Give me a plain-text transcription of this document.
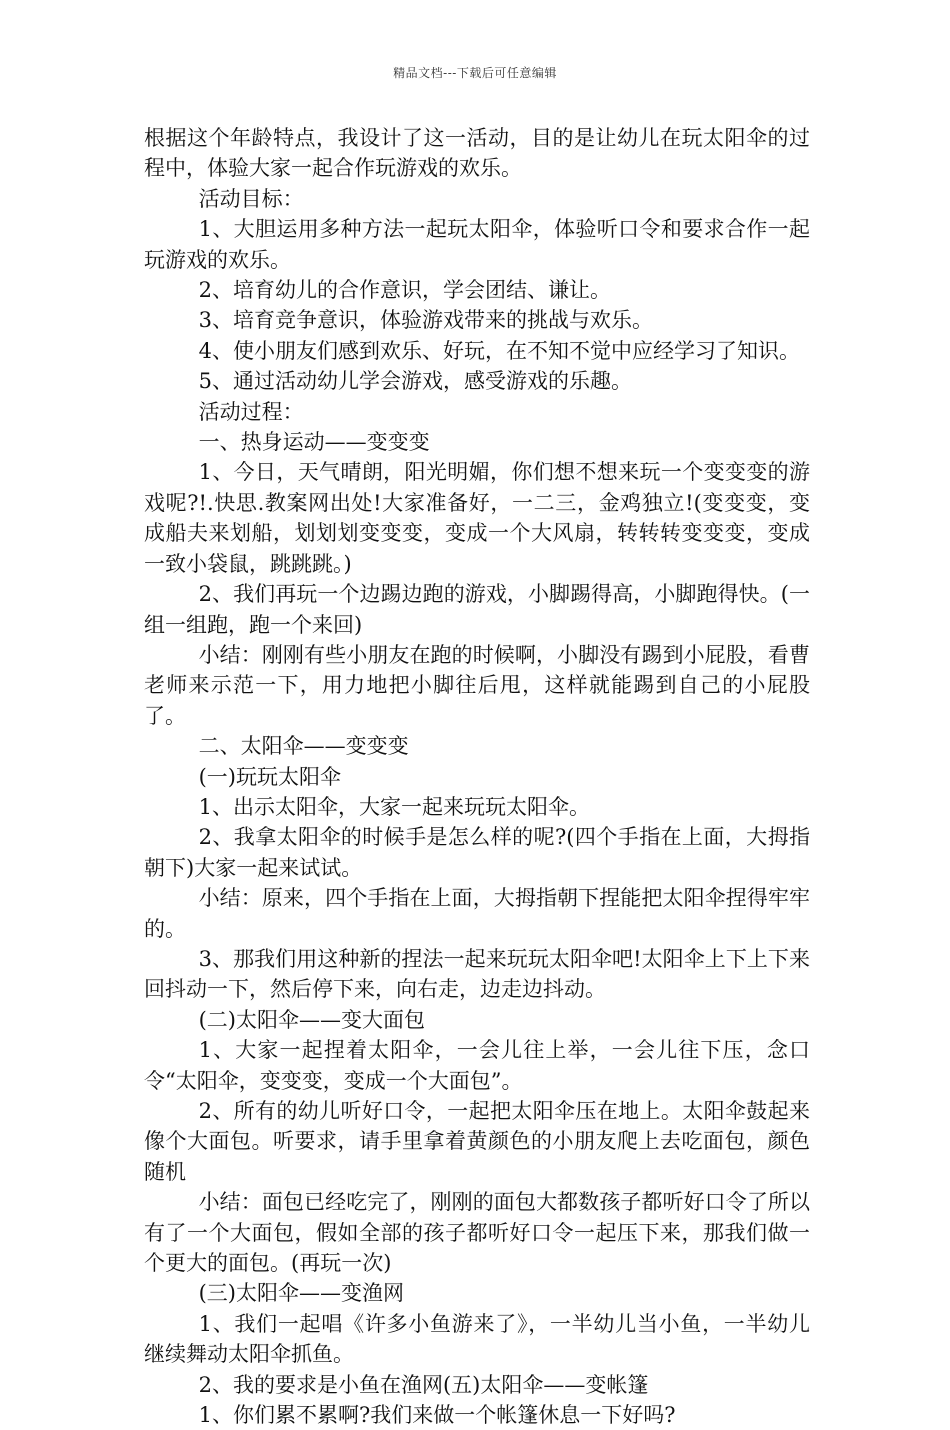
精品文档---下载后可任意编辑

根据这个年龄特点，我设计了这一活动，目的是让幼儿在玩太阳伞的过程中，体验大家一起合作玩游戏的欢乐。

活动目标：

1、大胆运用多种方法一起玩太阳伞，体验听口令和要求合作一起玩游戏的欢乐。

2、培育幼儿的合作意识，学会团结、谦让。

3、培育竞争意识，体验游戏带来的挑战与欢乐。

4、使小朋友们感到欢乐、好玩，在不知不觉中应经学习了知识。

5、通过活动幼儿学会游戏，感受游戏的乐趣。

活动过程：

一、热身运动——变变变

1、今日，天气晴朗，阳光明媚，你们想不想来玩一个变变变的游戏呢?!.快思.教案网出处!大家准备好，一二三，金鸡独立!(变变变，变成船夫来划船，划划划变变变，变成一个大风扇，转转转变变变，变成一致小袋鼠，跳跳跳。)

2、我们再玩一个边踢边跑的游戏，小脚踢得高，小脚跑得快。(一组一组跑，跑一个来回)

小结：刚刚有些小朋友在跑的时候啊，小脚没有踢到小屁股，看曹老师来示范一下，用力地把小脚往后甩，这样就能踢到自己的小屁股了。

二、太阳伞——变变变

(一)玩玩太阳伞

1、出示太阳伞，大家一起来玩玩太阳伞。

2、我拿太阳伞的时候手是怎么样的呢?(四个手指在上面，大拇指朝下)大家一起来试试。

小结：原来，四个手指在上面，大拇指朝下捏能把太阳伞捏得牢牢的。

3、那我们用这种新的捏法一起来玩玩太阳伞吧!太阳伞上下上下来回抖动一下，然后停下来，向右走，边走边抖动。

(二)太阳伞——变大面包

1、大家一起捏着太阳伞，一会儿往上举，一会儿往下压，念口令“太阳伞，变变变，变成一个大面包”。

2、所有的幼儿听好口令，一起把太阳伞压在地上。太阳伞鼓起来像个大面包。听要求，请手里拿着黄颜色的小朋友爬上去吃面包，颜色随机

小结：面包已经吃完了，刚刚的面包大都数孩子都听好口令了所以有了一个大面包，假如全部的孩子都听好口令一起压下来，那我们做一个更大的面包。(再玩一次)

(三)太阳伞——变渔网

1、我们一起唱《许多小鱼游来了》，一半幼儿当小鱼，一半幼儿继续舞动太阳伞抓鱼。

2、我的要求是小鱼在渔网(五)太阳伞——变帐篷

1、你们累不累啊?我们来做一个帐篷休息一下好吗?
